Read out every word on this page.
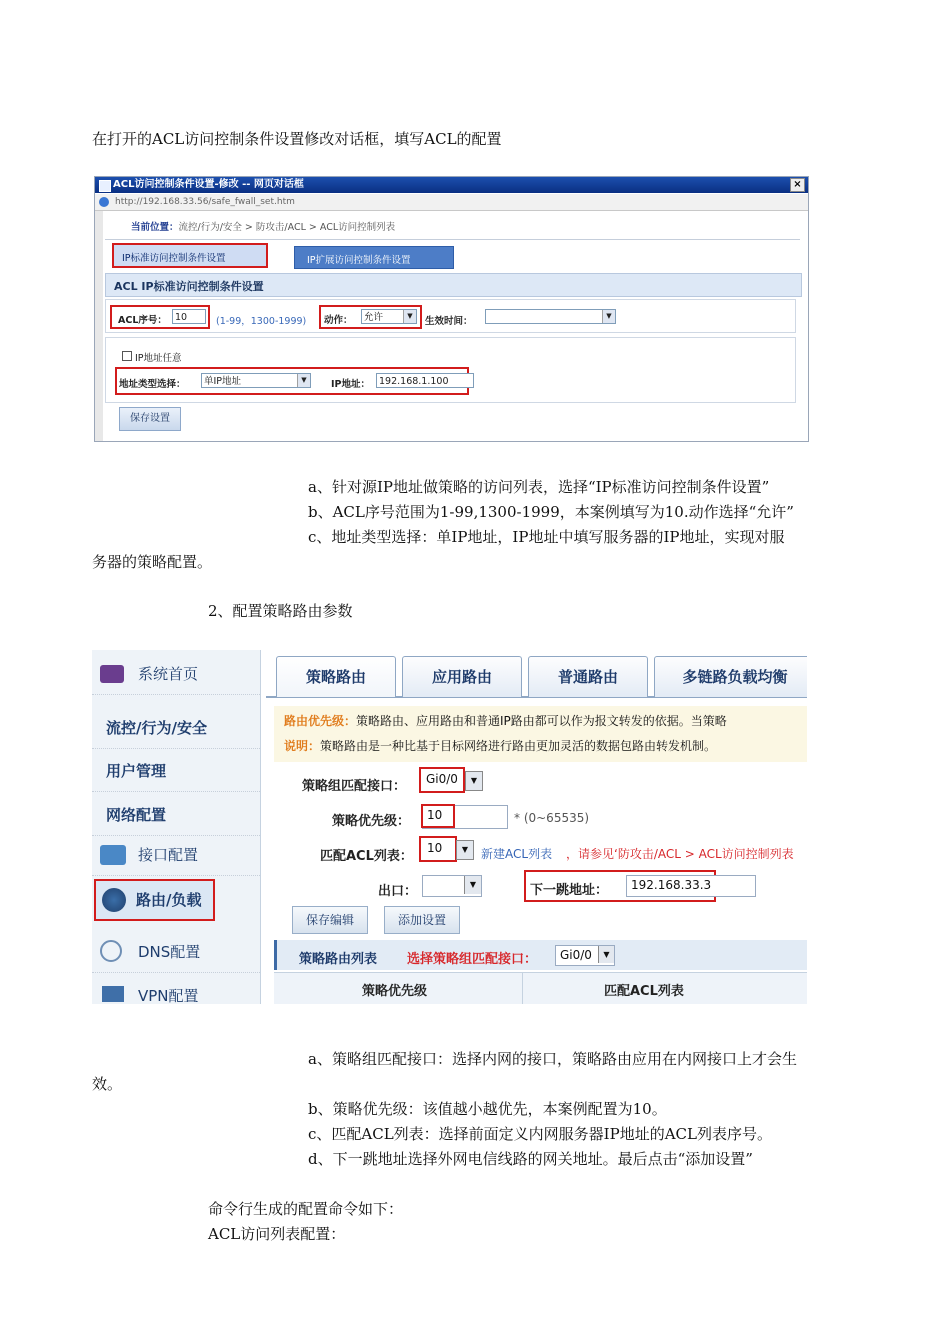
在打开的ACL访问控制条件设置修改对话框，填写ACL的配置
ACL访问控制条件设置-修改 -- 网页对话框	×
http://192.168.33.56/safe_fwall_set.htm
当前位置：流控/行为/安全 > 防攻击/ACL > ACL访问控制列表
IP标准访问控制条件设置	IP扩展访问控制条件设置
ACL IP标准访问控制条件设置
ACL序号： 10	(1-99，1300-1999) 动作：	允许	▼	生效时间：	▼
IP地址任意
地址类型选择：	单IP地址	▼	IP地址： 192.168.1.100
保存设置
a、针对源IP地址做策略的访问列表，选择“IP标准访问控制条件设置”
b、ACL序号范围为1-99,1300-1999，本案例填写为10.动作选择“允许”
c、地址类型选择：单IP地址，IP地址中填写服务器的IP地址，实现对服
务器的策略配置。
2、配置策略路由参数
系统首页
流控/行为/安全
用户管理
网络配置
接口配置
路由/负载
DNS配置
VPN配置
策略路由	应用路由	普通路由	多链路负载均衡
路由优先级：策略路由、应用路由和普通IP路由都可以作为报文转发的依据。当策略
说明：策略路由是一种比基于目标网络进行路由更加灵活的数据包路由转发机制。
策略组匹配接口： Gi0/0	▼
策略优先级： 10	* (0~65535)
匹配ACL列表：
10	▼	新建ACL列表 ，请参见‘防攻击/ACL > ACL访问控制列表
出口：	▼	下一跳地址： 192.168.33.3
保存编辑	添加设置
策略路由列表 选择策略组匹配接口： Gi0/0	▼
策略优先级	匹配ACL列表
a、策略组匹配接口：选择内网的接口，策略路由应用在内网接口上才会生
效。
b、策略优先级：该值越小越优先，本案例配置为10。
c、匹配ACL列表：选择前面定义内网服务器IP地址的ACL列表序号。
d、下一跳地址选择外网电信线路的网关地址。最后点击“添加设置”
命令行生成的配置命令如下：
ACL访问列表配置：
